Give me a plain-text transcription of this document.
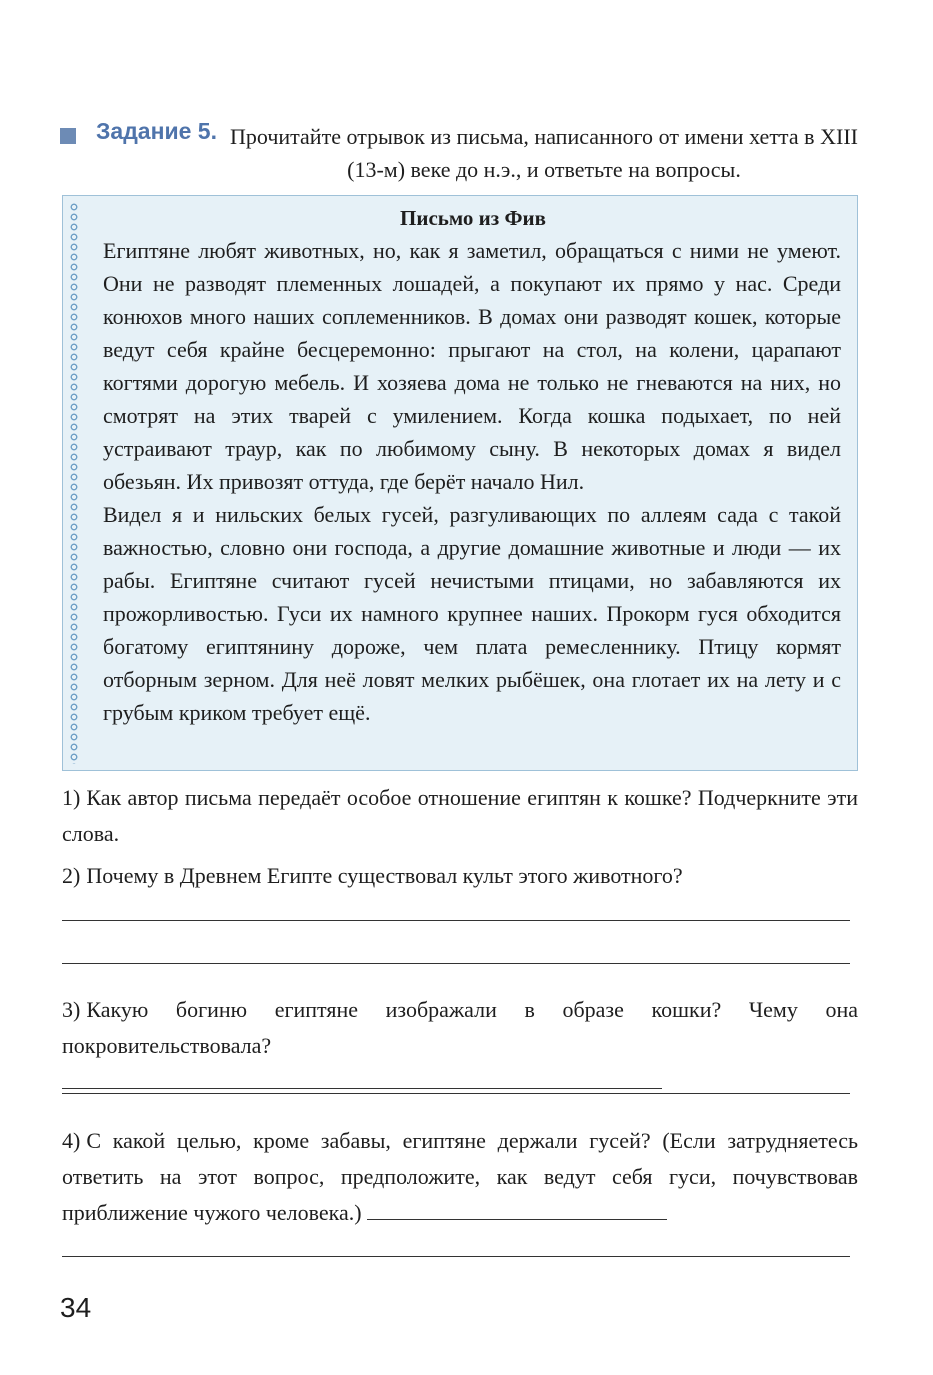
Задание 5. Прочитайте отрывок из письма, написанного от имени хетта в XIII (13-м) веке до н.э., и ответьте на вопросы.
Письмо из Фив

Египтяне любят животных, но, как я заметил, обращаться с ними не умеют. Они не разводят племенных лошадей, а покупают их прямо у нас. Среди конюхов много наших соплеменников. В домах они разводят кошек, которые ведут себя крайне бесцеремонно: прыгают на стол, на колени, царапают когтями дорогую мебель. И хозяева дома не только не гневаются на них, но смотрят на этих тварей с умилением. Когда кошка подыхает, по ней устраивают траур, как по любимому сыну. В некоторых домах я видел обезьян. Их привозят оттуда, где берёт начало Нил.

Видел я и нильских белых гусей, разгуливающих по аллеям сада с такой важностью, словно они господа, а другие домашние животные и люди — их рабы. Египтяне считают гусей нечистыми птицами, но забавляются их прожорливостью. Гуси их намного крупнее наших. Прокорм гуся обходится богатому египтянину дороже, чем плата ремесленнику. Птицу кормят отборным зерном. Для неё ловят мелких рыбёшек, она глотает их на лету и с грубым криком требует ещё.

1) Как автор письма передаёт особое отношение египтян к кошке? Подчеркните эти слова.
2) Почему в Древнем Египте существовал культ этого животного?
3) Какую богиню египтяне изображали в образе кошки? Чему она покровительствовала?
4) С какой целью, кроме забавы, египтяне держали гусей? (Если затрудняетесь ответить на этот вопрос, предположите, как ведут себя гуси, почувствовав приближение чужого человека.)
34
